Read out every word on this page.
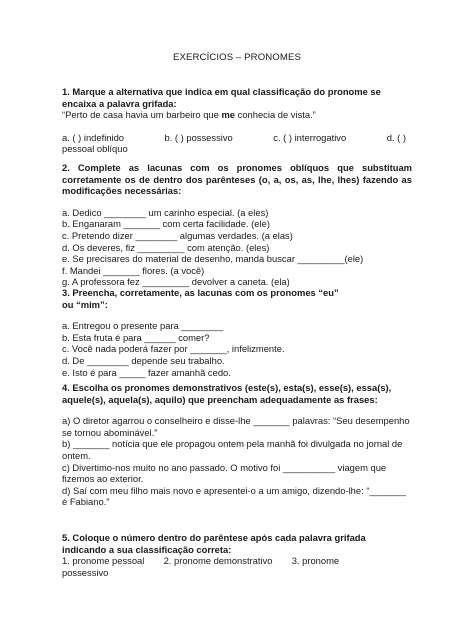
EXERCÍCIOS – PRONOMES
1. Marque a alternativa que indica em qual classificação do pronome se encaixa a palavra grifada:
“Perto de casa havia um barbeiro que me conhecia de vista.”
a. ( ) indefinido	b. ( ) possessivo	c. ( ) interrogativo	d. ( )
pessoal oblíquo
2. Complete as lacunas com os pronomes oblíquos que substituam corretamente os de dentro dos parênteses (o, a, os, as, lhe, lhes) fazendo as modificações necessárias:
a. Dedico ________ um carinho especial. (a eles)
b. Enganaram _______ com certa facilidade. (ele)
c. Pretendo dizer ________ algumas verdades. (a elas)
d. Os deveres, fiz _________ com atenção. (eles)
e. Se precisares do material de desenho, manda buscar _________(ele)
f. Mandei _______ flores. (a você)
g. A professora fez _________ devolver a caneta. (ela)
3. Preencha, corretamente, as lacunas com os pronomes “eu” ou “mim”:
a. Entregou o presente para ________
b. Esta fruta é para ______ comer?
c. Você nada poderá fazer por _______, infelizmente.
d. De ________ depende seu trabalho.
e. Isto é para _____ fazer amanhã cedo.
4. Escolha os pronomes demonstrativos (este(s), esta(s), esse(s), essa(s), aquele(s), aquela(s), aquilo) que preencham adequadamente as frases:
a) O diretor agarrou o conselheiro e disse-lhe _______ palavras: “Seu desempenho se tornou abominável.”
b) _______ notícia que ele propagou ontem pela manhã foi divulgada no jornal de ontem.
c) Divertimo-nos muito no ano passado. O motivo foi __________ viagem que fizemos ao exterior.
d) Saí com meu filho mais novo e apresentei-o a um amigo, dizendo-lhe: “_______ é Fabiano.”
5. Coloque o número dentro do parêntese após cada palavra grifada indicando a sua classificação correta:
1. pronome pessoal 2. pronome demonstrativo 3. pronome
possessivo
